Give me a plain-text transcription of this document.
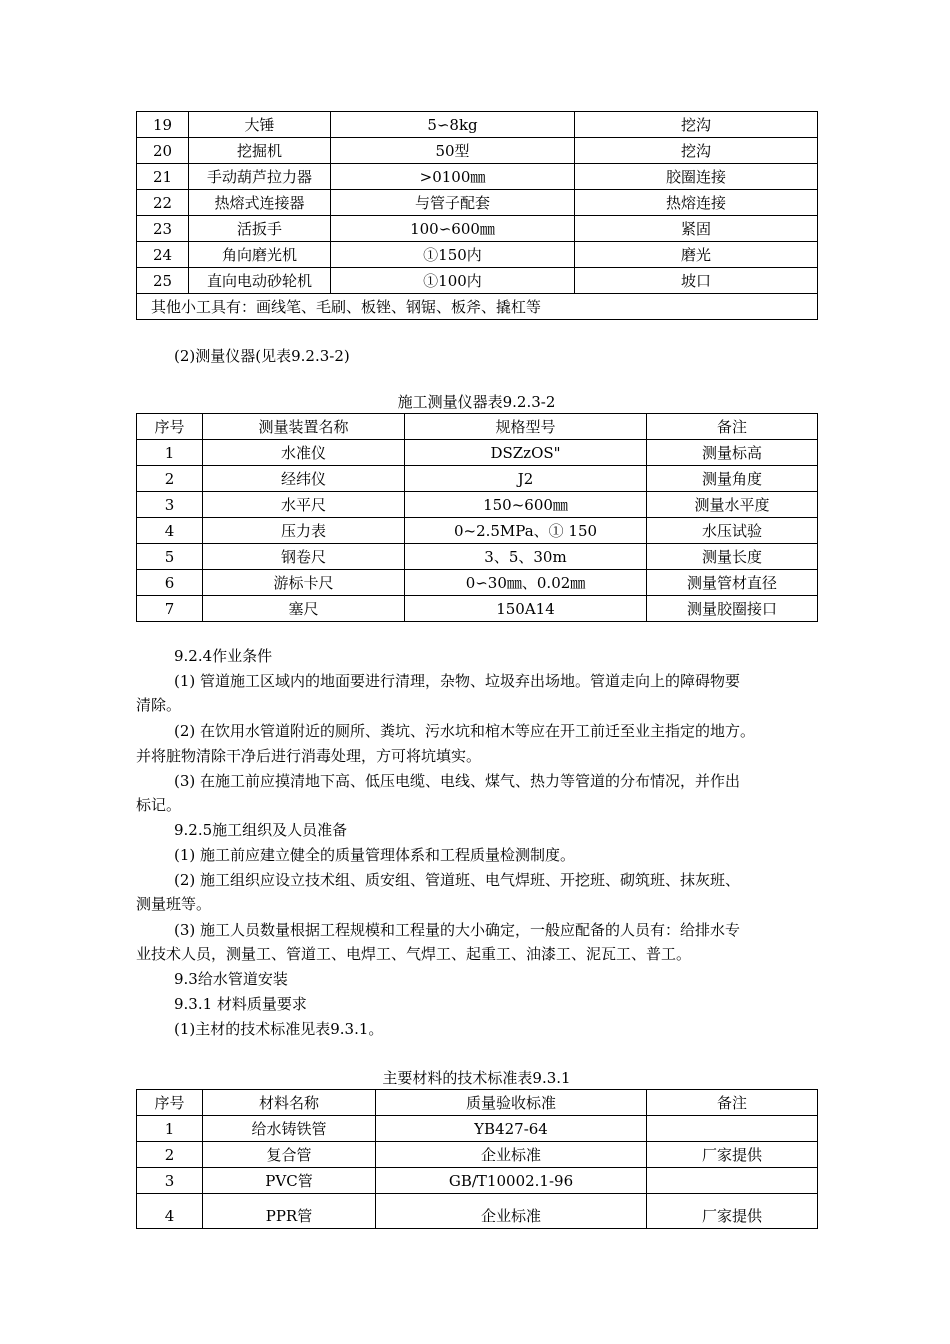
19	大锤	5∽8kg	挖沟
20	挖掘机	50型	挖沟
21	手动葫芦拉力器	>0100㎜	胶圈连接
22	热熔式连接器	与管子配套	热熔连接
23	活扳手	100∽600㎜	紧固
24	角向磨光机	①150内	磨光
25	直向电动砂轮机	①100内	坡口
其他小工具有：画线笔、毛刷、板锉、钢锯、板斧、撬杠等			
(2)测量仪器(见表9.2.3-2)
施工测量仪器表9.2.3-2
序号	测量装置名称	规格型号	备注
1	水准仪	DSZzOS"	测量标高
2	经纬仪	J2	测量角度
3	水平尺	150~600㎜	测量水平度
4	压力表	0~2.5MPa、① 150	水压试验
5	钢卷尺	3、5、30m	测量长度
6	游标卡尺	0∽30㎜、0.02㎜	测量管材直径
7	塞尺	150A14	测量胶圈接口
9.2.4作业条件
(1) 管道施工区域内的地面要进行清理，杂物、垃圾弃出场地。管道走向上的障碍物要
清除。
(2) 在饮用水管道附近的厕所、粪坑、污水坑和棺木等应在开工前迁至业主指定的地方。
并将脏物清除干净后进行消毒处理，方可将坑填实。
(3) 在施工前应摸清地下高、低压电缆、电线、煤气、热力等管道的分布情况，并作出
标记。
9.2.5施工组织及人员准备
(1) 施工前应建立健全的质量管理体系和工程质量检测制度。
(2) 施工组织应设立技术组、质安组、管道班、电气焊班、开挖班、砌筑班、抹灰班、
测量班等。
(3) 施工人员数量根据工程规模和工程量的大小确定，一般应配备的人员有：给排水专
业技术人员，测量工、管道工、电焊工、气焊工、起重工、油漆工、泥瓦工、普工。
9.3给水管道安装
9.3.1 材料质量要求
(1)主材的技术标准见表9.3.1。
主要材料的技术标准表9.3.1
序号	材料名称	质量验收标准	备注
1	给水铸铁管	YB427-64	
2	复合管	企业标准	厂家提供
3	PVC管	GB/T10002.1-96	
4	PPR管	企业标准	厂家提供
